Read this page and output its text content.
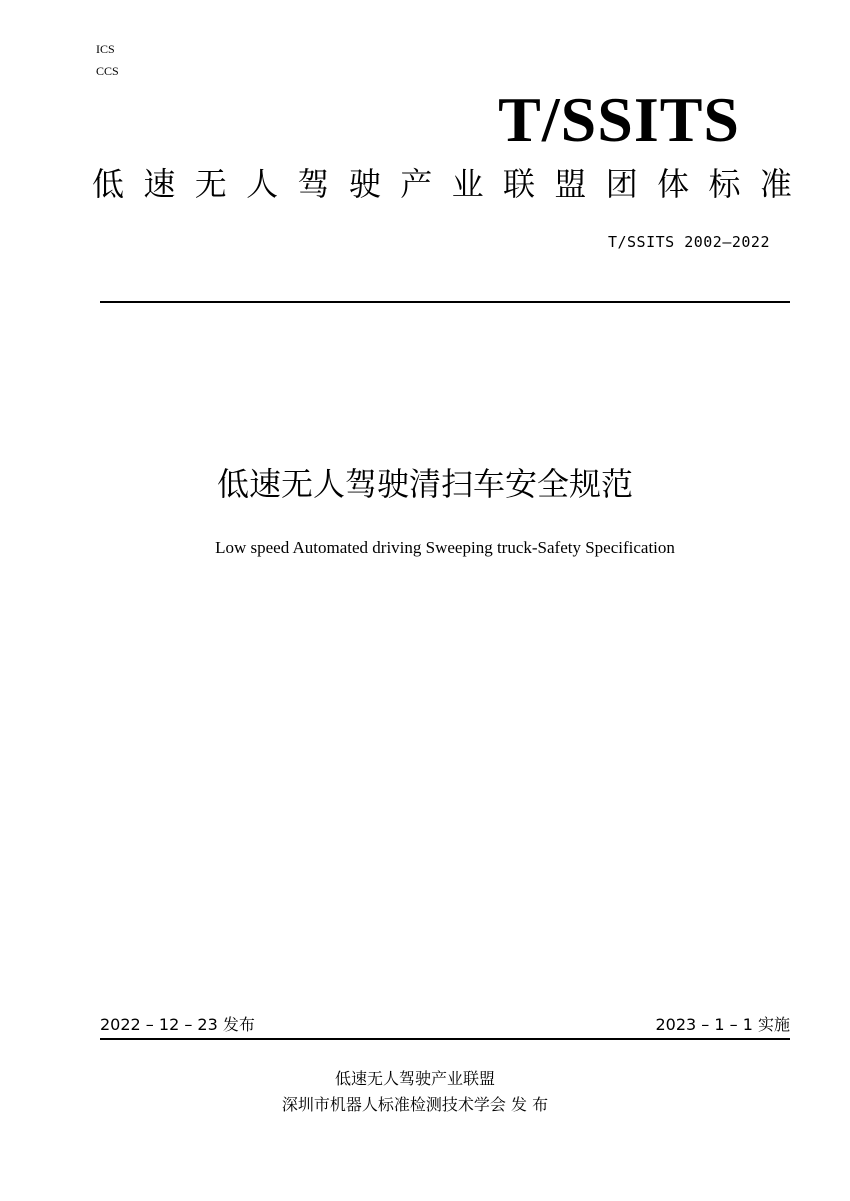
ICS
CCS
T/SSITS
低 速 无 人 驾 驶 产 业 联 盟 团 体 标 准
T/SSITS 2002—2022
低速无人驾驶清扫车安全规范
Low speed Automated driving Sweeping truck-Safety Specification
2022 – 12 – 23 发布	2023 – 1 – 1 实施
低速无人驾驶产业联盟
深圳市机器人标准检测技术学会 发 布
